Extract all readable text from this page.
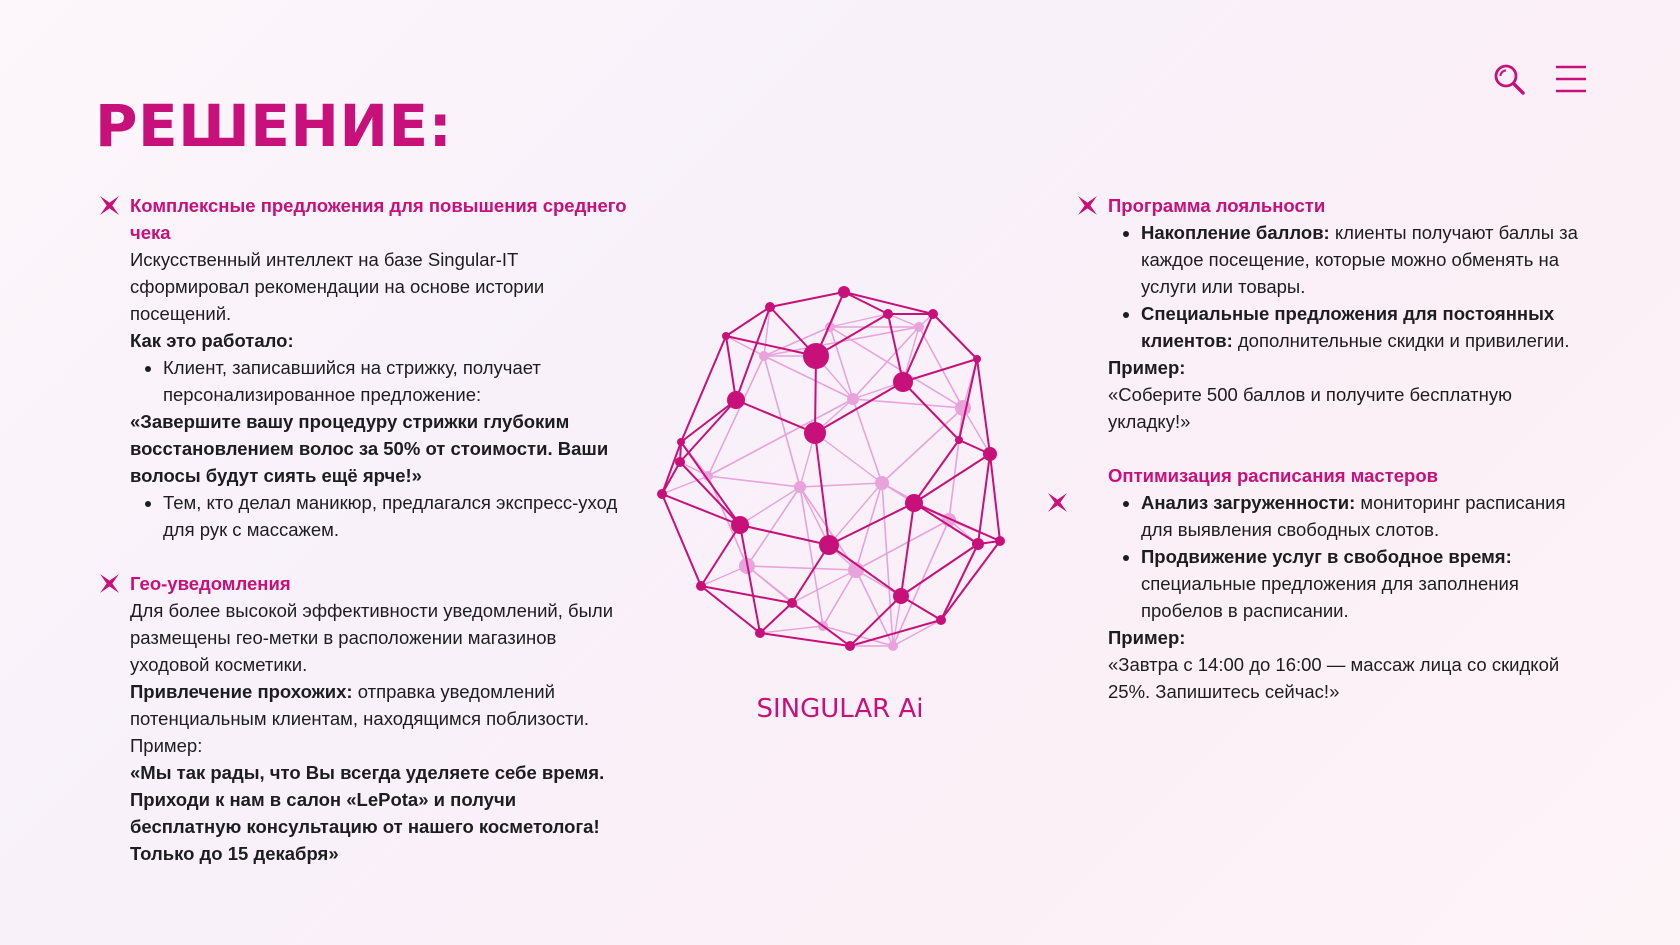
РЕШЕНИЕ:
Комплексные предложения для повышения среднего чека

Искусственный интеллект на базе Singular-IT сформировал рекомендации на основе истории посещений.

Как это работало:

• Клиент, записавшийся на стрижку, получает персонализированное предложение:

«Завершите вашу процедуру стрижки глубоким восстановлением волос за 50% от стоимости. Ваши волосы будут сиять ещё ярче!»

• Тем, кто делал маникюр, предлагался экспресс-уход для рук с массажем.
Гео-уведомления

Для более высокой эффективности уведомлений, были размещены гео-метки в расположении магазинов уходовой косметики.

Привлечение прохожих: отправка уведомлений потенциальным клиентам, находящимся поблизости.

Пример:

«Мы так рады, что Вы всегда уделяете себе время. Приходи к нам в салон «LePota» и получи бесплатную консультацию от нашего косметолога! Только до 15 декабря»

SINGULAR Ai
Программа лояльности
• Накопление баллов: клиенты получают баллы за каждое посещение, которые можно обменять на услуги или товары.
• Специальные предложения для постоянных клиентов: дополнительные скидки и привилегии.

Пример:

«Соберите 500 баллов и получите бесплатную укладку!»

Оптимизация расписания мастеров
• Анализ загруженности: мониторинг расписания для выявления свободных слотов.
• Продвижение услуг в свободное время: специальные предложения для заполнения пробелов в расписании.

Пример:

«Завтра с 14:00 до 16:00 — массаж лица со скидкой 25%. Запишитесь сейчас!»
